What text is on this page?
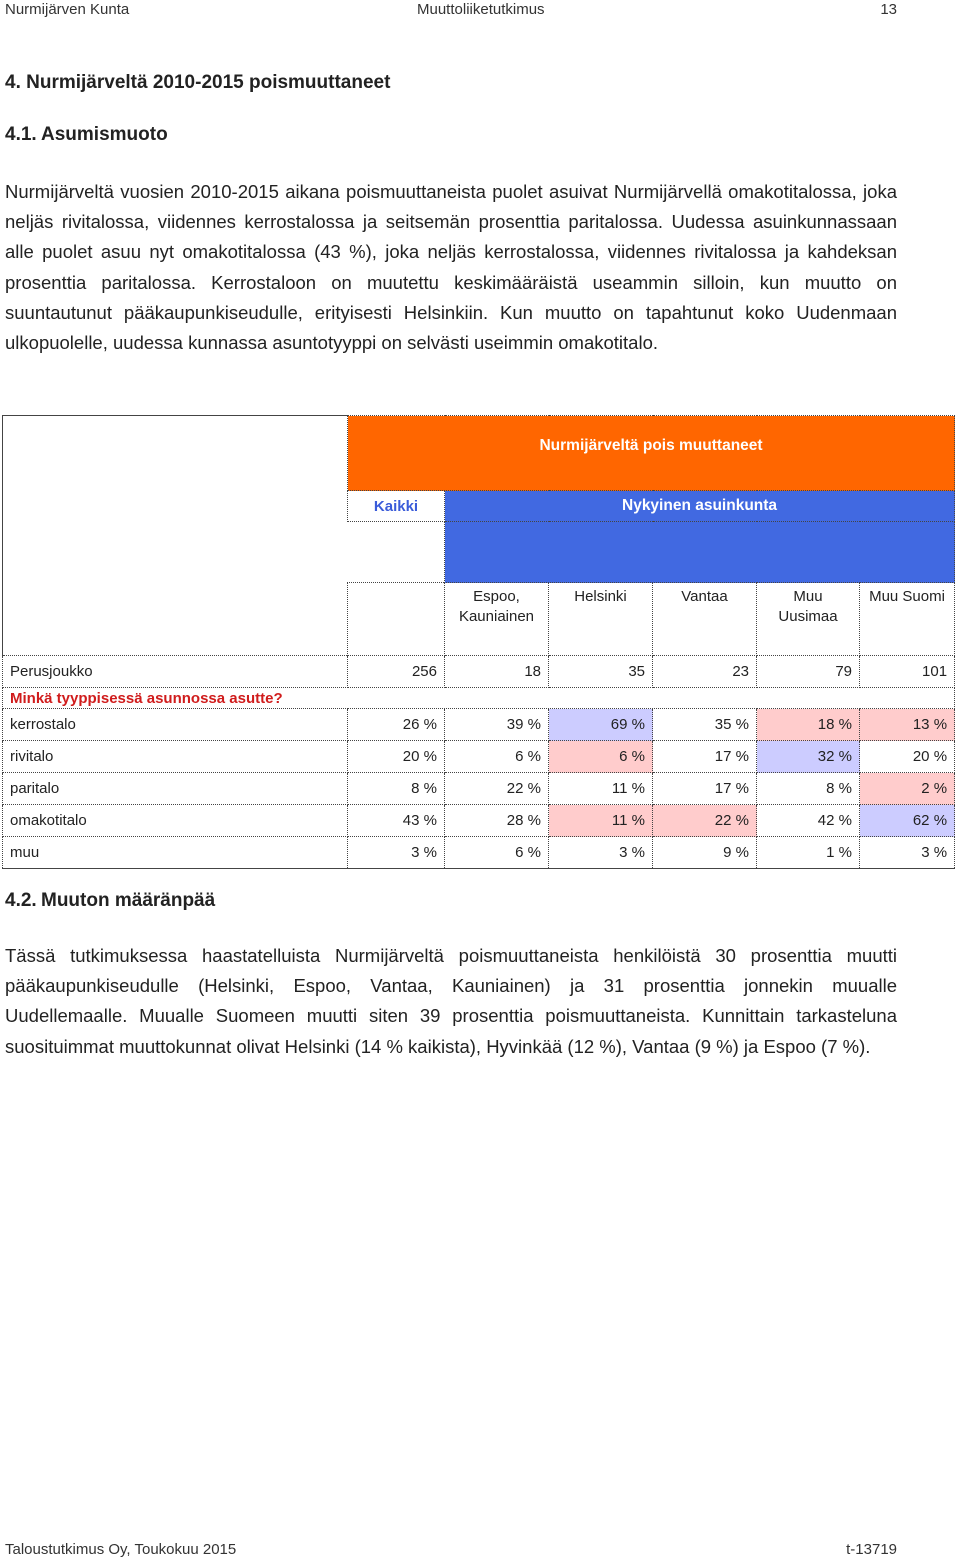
Nurmijärven Kunta	Muuttoliiketutkimus	13
4. Nurmijärveltä 2010-2015 poismuuttaneet
4.1. Asumismuoto
Nurmijärveltä vuosien 2010-2015 aikana poismuuttaneista puolet asuivat Nurmijärvellä omakotitalossa, joka neljäs rivitalossa, viidennes kerrostalossa ja seitsemän prosenttia paritalossa. Uudessa asuinkunnassaan alle puolet asuu nyt omakotitalossa (43 %), joka neljäs kerrostalossa, viidennes rivitalossa ja kahdeksan prosenttia paritalossa. Kerrostaloon on muutettu keskimääräistä useammin silloin, kun muutto on suuntautunut pääkaupunkiseudulle, erityisesti Helsinkiin. Kun muutto on tapahtunut koko Uudenmaan ulkopuolelle, uudessa kunnassa asuntotyyppi on selvästi useimmin omakotitalo.
	Nurmijärveltä pois muuttaneet					
	Kaikki	Nykyinen asuinkunta				

		Espoo, Kauniainen	Helsinki	Vantaa	Muu Uusimaa	Muu Suomi
Perusjoukko	256	18	35	23	79	101
Minkä tyyppisessä asunnossa asutte?						
kerrostalo	26 %	39 %	69 %	35 %	18 %	13 %
rivitalo	20 %	6 %	6 %	17 %	32 %	20 %
paritalo	8 %	22 %	11 %	17 %	8 %	2 %
omakotitalo	43 %	28 %	11 %	22 %	42 %	62 %
muu	3 %	6 %	3 %	9 %	1 %	3 %
4.2. Muuton määränpää
Tässä tutkimuksessa haastatelluista Nurmijärveltä poismuuttaneista henkilöistä 30 prosenttia muutti pääkaupunkiseudulle (Helsinki, Espoo, Vantaa, Kauniainen) ja 31 prosenttia jonnekin muualle Uudellemaalle. Muualle Suomeen muutti siten 39 prosenttia poismuuttaneista. Kunnittain tarkasteluna suosituimmat muuttokunnat olivat Helsinki (14 % kaikista), Hyvinkää (12 %), Vantaa (9 %) ja Espoo (7 %).
Taloustutkimus Oy, Toukokuu 2015	t-13719
